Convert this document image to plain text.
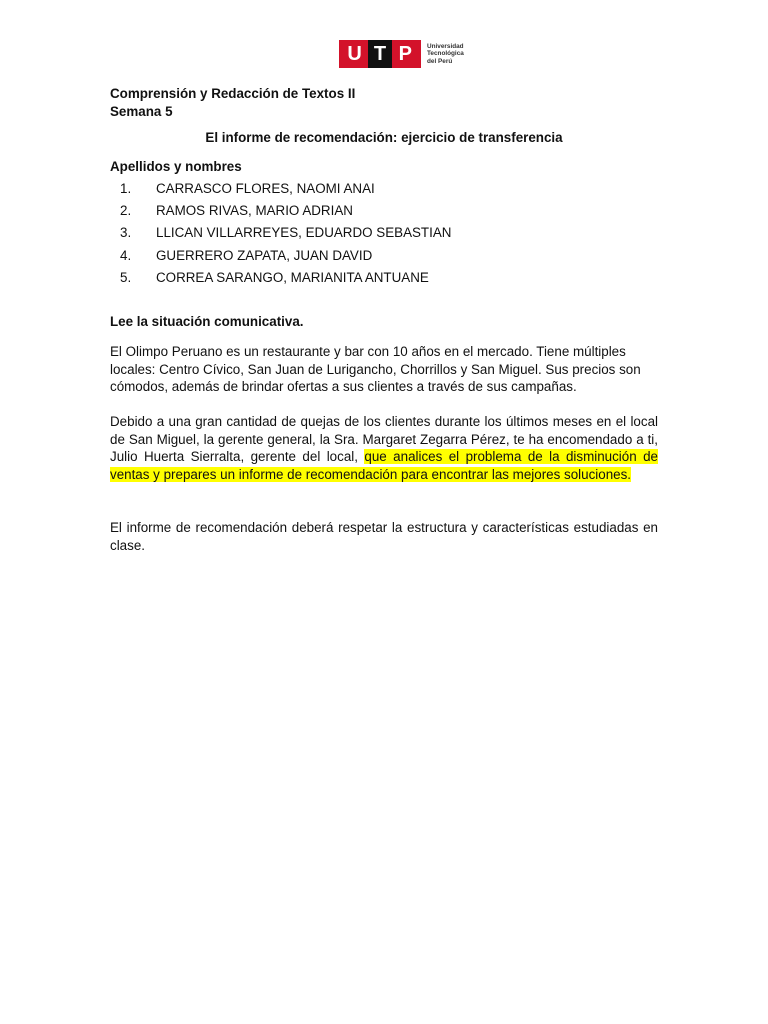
U T P	Universidad
Tecnológica
del Perú
Comprensión y Redacción de Textos II
Semana 5
El informe de recomendación: ejercicio de transferencia
Apellidos y nombres
1.	CARRASCO FLORES, NAOMI ANAI
2.	RAMOS RIVAS, MARIO ADRIAN
3.	LLICAN VILLARREYES, EDUARDO SEBASTIAN
4.	GUERRERO ZAPATA, JUAN DAVID
5.	CORREA SARANGO, MARIANITA ANTUANE
Lee la situación comunicativa.
El Olimpo Peruano es un restaurante y bar con 10 años en el mercado. Tiene múltiples locales: Centro Cívico, San Juan de Lurigancho, Chorrillos y San Miguel. Sus precios son cómodos, además de brindar ofertas a sus clientes a través de sus campañas.
Debido a una gran cantidad de quejas de los clientes durante los últimos meses en el local de San Miguel, la gerente general, la Sra. Margaret Zegarra Pérez, te ha encomendado a ti, Julio Huerta Sierralta, gerente del local, que analices el problema de la disminución de ventas y prepares un informe de recomendación para encontrar las mejores soluciones.
El informe de recomendación deberá respetar la estructura y características estudiadas en clase.
